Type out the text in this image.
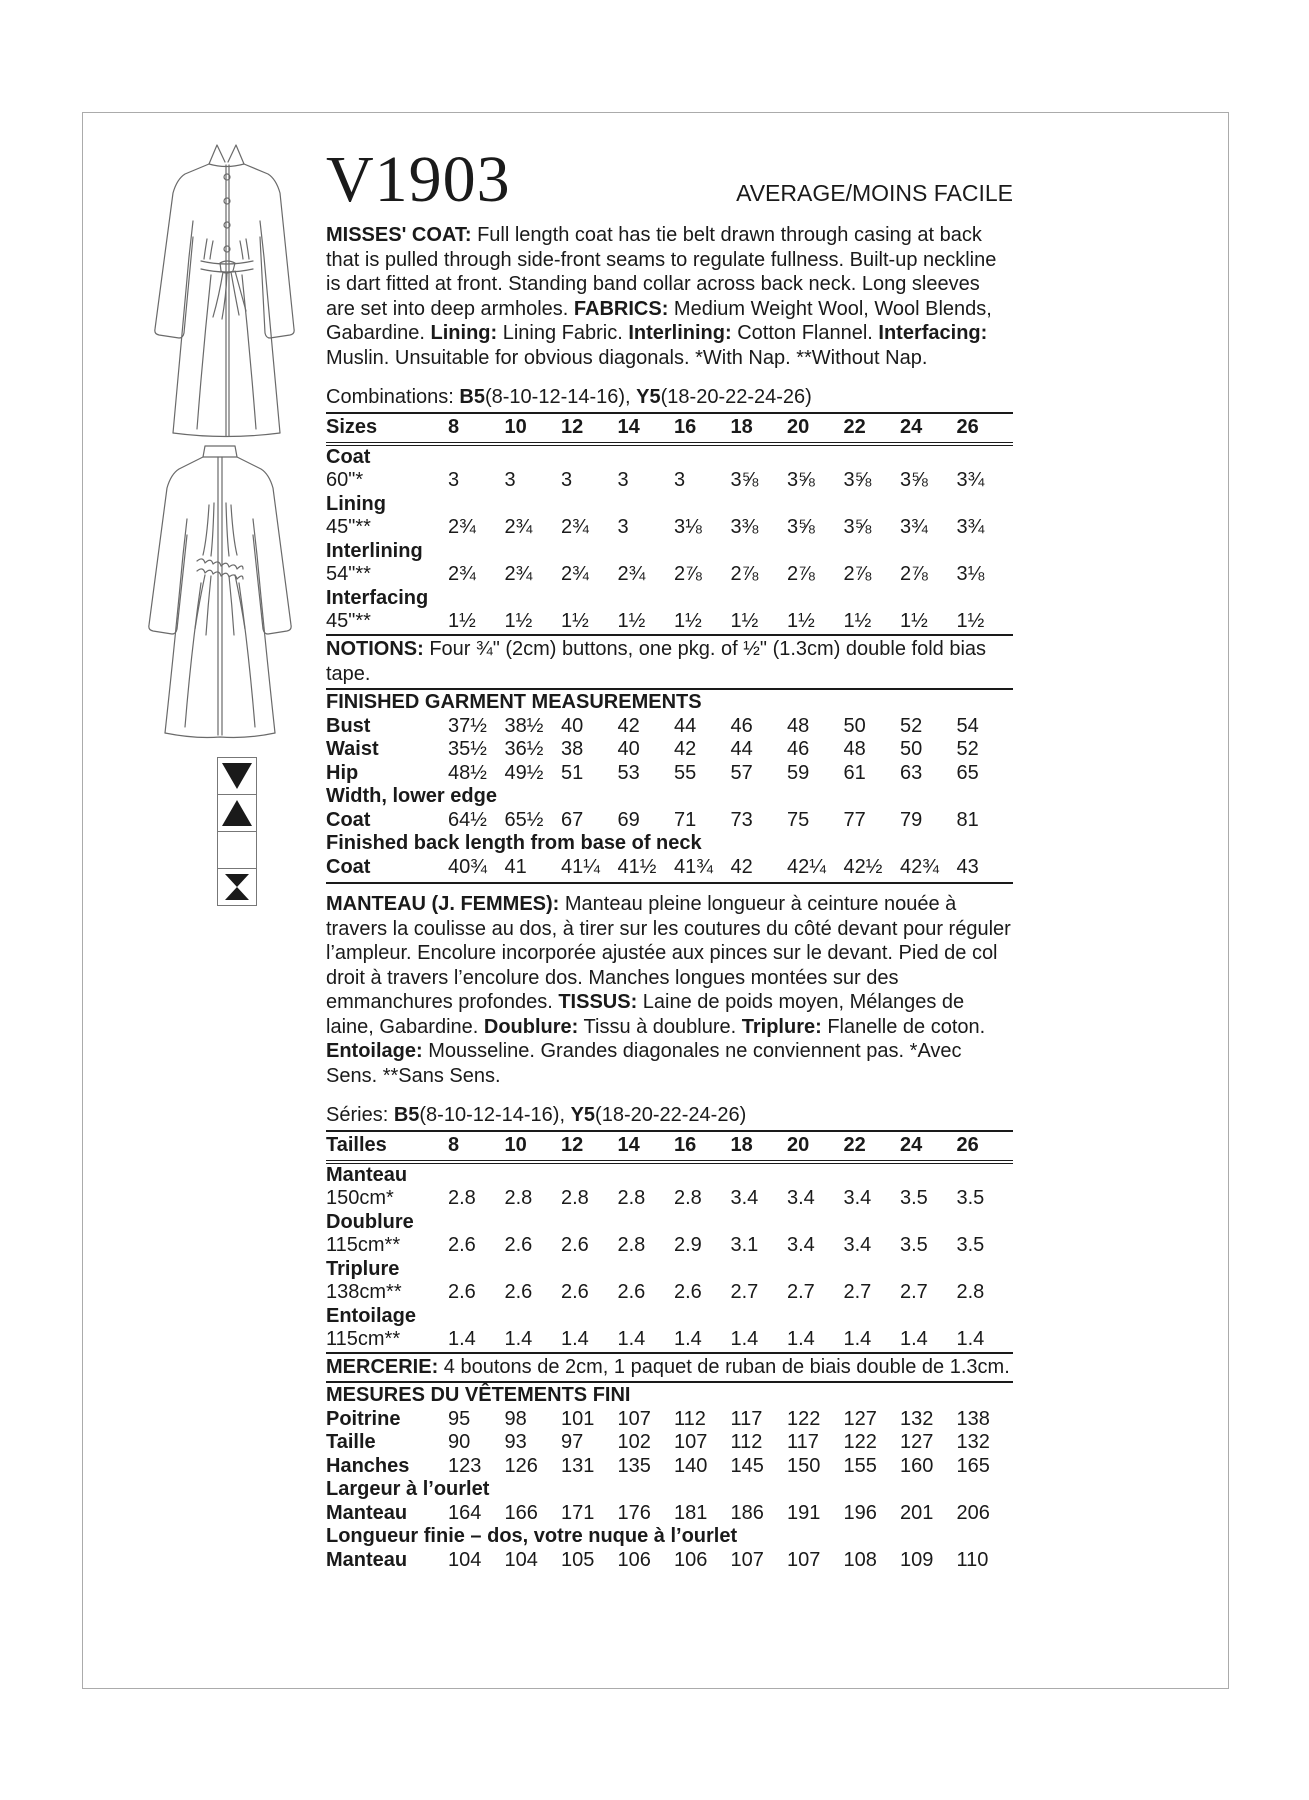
V1903	AVERAGE/MOINS FACILE
MISSES' COAT: Full length coat has tie belt drawn through casing at back that is pulled through side-front seams to regulate fullness. Built-up neckline is dart fitted at front. Standing band collar across back neck. Long sleeves are set into deep armholes. FABRICS: Medium Weight Wool, Wool Blends, Gabardine. Lining: Lining Fabric. Interlining: Cotton Flannel. Interfacing: Muslin. Unsuitable for obvious diagonals. *With Nap. **Without Nap.
Combinations: B5(8-10-12-14-16), Y5(18-20-22-24-26)
Sizes	8	10	12	14	16	18	20	22	24	26
Coat										
60"*	3	3	3	3	3	3⅝	3⅝	3⅝	3⅝	3¾
Lining										
45"**	2¾	2¾	2¾	3	3⅛	3⅜	3⅝	3⅝	3¾	3¾
Interlining										
54"**	2¾	2¾	2¾	2¾	2⅞	2⅞	2⅞	2⅞	2⅞	3⅛
Interfacing										
45"**	1½	1½	1½	1½	1½	1½	1½	1½	1½	1½
NOTIONS: Four ¾" (2cm) buttons, one pkg. of ½" (1.3cm) double fold bias tape.
FINISHED GARMENT MEASUREMENTS
Bust	37½	38½	40	42	44	46	48	50	52	54
Waist	35½	36½	38	40	42	44	46	48	50	52
Hip	48½	49½	51	53	55	57	59	61	63	65
Width, lower edge										
Coat	64½	65½	67	69	71	73	75	77	79	81
Finished back length from base of neck										
Coat	40¾	41	41¼	41½	41¾	42	42¼	42½	42¾	43
MANTEAU (J. FEMMES): Manteau pleine longueur à ceinture nouée à travers la coulisse au dos, à tirer sur les coutures du côté devant pour réguler l’ampleur. Encolure incorporée ajustée aux pinces sur le devant. Pied de col droit à travers l’encolure dos. Manches longues montées sur des emmanchures profondes. TISSUS: Laine de poids moyen, Mélanges de laine, Gabardine. Doublure: Tissu à doublure. Triplure: Flanelle de coton. Entoilage: Mousseline. Grandes diagonales ne conviennent pas. *Avec Sens. **Sans Sens.
Séries: B5(8-10-12-14-16), Y5(18-20-22-24-26)
Tailles	8	10	12	14	16	18	20	22	24	26
Manteau										
150cm*	2.8	2.8	2.8	2.8	2.8	3.4	3.4	3.4	3.5	3.5
Doublure										
115cm**	2.6	2.6	2.6	2.8	2.9	3.1	3.4	3.4	3.5	3.5
Triplure										
138cm**	2.6	2.6	2.6	2.6	2.6	2.7	2.7	2.7	2.7	2.8
Entoilage										
115cm**	1.4	1.4	1.4	1.4	1.4	1.4	1.4	1.4	1.4	1.4
MERCERIE: 4 boutons de 2cm, 1 paquet de ruban de biais double de 1.3cm.
MESURES DU VÊTEMENTS FINI
Poitrine	95	98	101	107	112	117	122	127	132	138
Taille	90	93	97	102	107	112	117	122	127	132
Hanches	123	126	131	135	140	145	150	155	160	165
Largeur à l’ourlet										
Manteau	164	166	171	176	181	186	191	196	201	206
Longueur finie – dos, votre nuque à l’ourlet										
Manteau	104	104	105	106	106	107	107	108	109	110
